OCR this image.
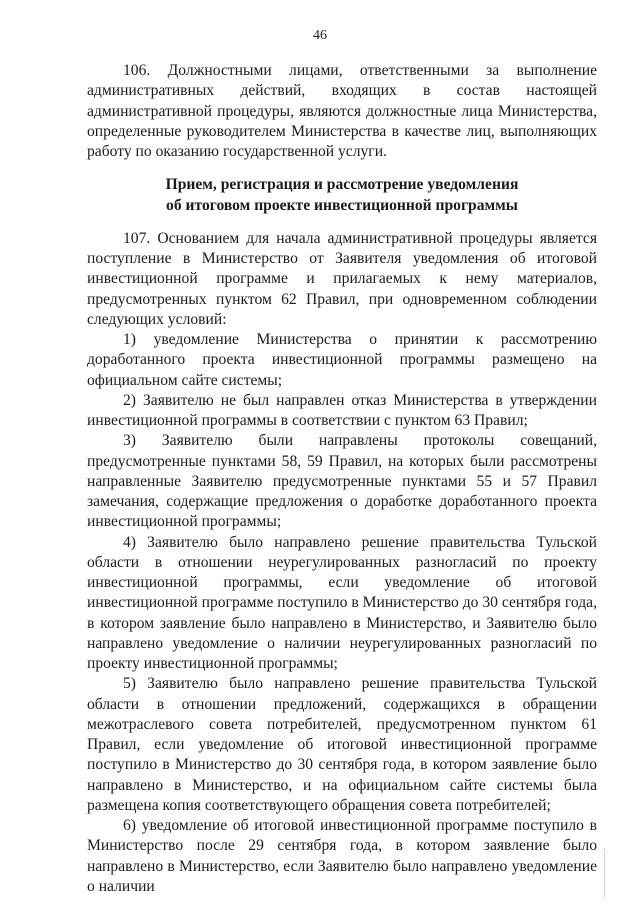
46

106. Должностными лицами, ответственными за выполнение административных действий, входящих в состав настоящей административной процедуры, являются должностные лица Министерства, определенные руководителем Министерства в качестве лиц, выполняющих работу по оказанию государственной услуги.

Прием, регистрация и рассмотрение уведомления
об итоговом проекте инвестиционной программы

107. Основанием для начала административной процедуры является поступление в Министерство от Заявителя уведомления об итоговой инвестиционной программе и прилагаемых к нему материалов, предусмотренных пунктом 62 Правил, при одновременном соблюдении следующих условий:

1) уведомление Министерства о принятии к рассмотрению доработанного проекта инвестиционной программы размещено на официальном сайте системы;

2) Заявителю не был направлен отказ Министерства в утверждении инвестиционной программы в соответствии с пунктом 63 Правил;

3) Заявителю были направлены протоколы совещаний, предусмотренные пунктами 58, 59 Правил, на которых были рассмотрены направленные Заявителю предусмотренные пунктами 55 и 57 Правил замечания, содержащие предложения о доработке доработанного проекта инвестиционной программы;

4) Заявителю было направлено решение правительства Тульской области в отношении неурегулированных разногласий по проекту инвестиционной программы, если уведомление об итоговой инвестиционной программе поступило в Министерство до 30 сентября года, в котором заявление было направлено в Министерство, и Заявителю было направлено уведомление о наличии неурегулированных разногласий по проекту инвестиционной программы;

5) Заявителю было направлено решение правительства Тульской области в отношении предложений, содержащихся в обращении межотраслевого совета потребителей, предусмотренном пунктом 61 Правил, если уведомление об итоговой инвестиционной программе поступило в Министерство до 30 сентября года, в котором заявление было направлено в Министерство, и на официальном сайте системы была размещена копия соответствующего обращения совета потребителей;

6) уведомление об итоговой инвестиционной программе поступило в Министерство после 29 сентября года, в котором заявление было направлено в Министерство, если Заявителю было направлено уведомление о наличии
